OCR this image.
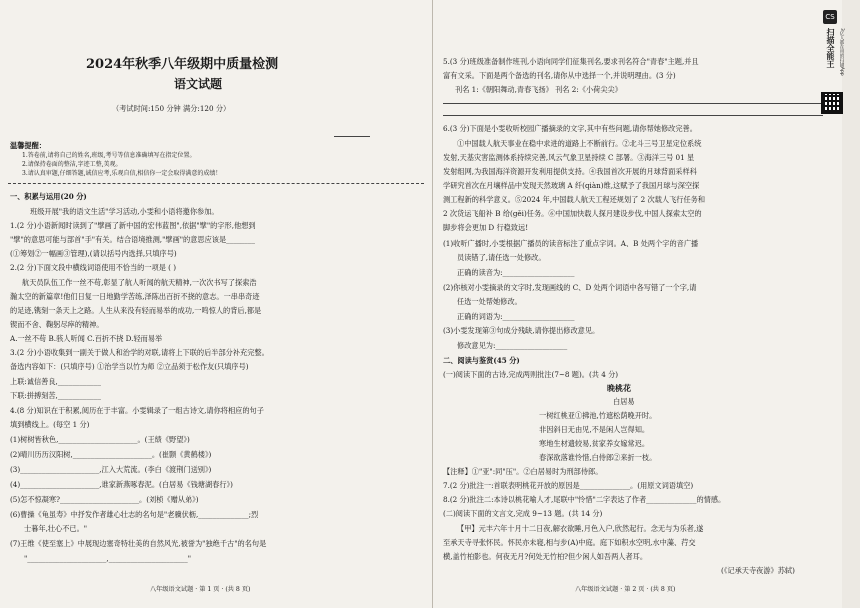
2024年秋季八年级期中质量检测
语文试题
（考试时间:150 分钟 满分:120 分）
温馨提醒：
1.答卷前,请将自己的姓名,班级,考号等信息准确填写在指定位置。
2.请保持卷面的整洁,字迹工整,美观。
3.请认真审题,仔细答题,诚信应考,乐观自信,相信你一定会取得满意的成绩！
一、积累与运用(20 分)
班级开展"我的语文生活"学习活动,小雯和小语将邀你参加。
1.(2 分)小语新闻时读到了"擘画了新中国的宏伟蓝图",依据"擘"的字形,他想到
"擘"的意思可能与部首"手"有关。结合语境推测,"擘画"的意思应该是________
(①筹划②一幅画③管理),(请以括号内选择,只填序号)
2.(2 分)下面文段中横线词语使用不恰当的一项是 ( )
航天员队伍工作一丝不苟,彰显了航人听闻的航天精神,一次次书写了探索浩
瀚太空的新篇章!他们日复一日地勤学苦练,泽陈出百折不挠的意志。一串串奇迹
的足迹,镌刻一条天上之路。人生从来没有轻而易举的成功,一鸣惊人的背后,都是
锲而不舍、鞠躬尽瘁的精神。
A.一丝不苟 B.骇人听闻 C.百折不挠 D.轻而易举
3.(2 分)小语收集到一副关于做人和治学的对联,请将上下联的后半部分补充完整。
备选内容如下：(只填序号) ①治学当以竹为师 ②立品须于松作友(只填序号)
上联:诚信善良,____________
下联:拼搏刻苦,____________
4.(8 分)知识在于积累,阅历在于丰富。小雯辑录了一组古诗文,请你将相应的句子
填到横线上。(每空 1 分)
(1)树树皆秋色,______________________。(王绩《野望》)
(2)晴川历历汉阳树,______________________。(崔颢《黄鹤楼》)
(3)______________________,江入大荒流。(李白《渡荆门送别》)
(4)______________________,谁家新燕啄春泥。(白居易《钱塘湖春行》)
(5)怎不惊凝寒?______________________。(刘桢《赠从弟》)
(6)曹操《龟虽寿》中抒发作者雄心壮志的名句是"老骥伏枥,______________;烈
士暮年,壮心不已。"
(7)王维《使至塞上》中展现边塞奇特壮美的自然风光,被誉为"独绝千古"的名句是
"______________________,______________________"
八年级语文试题 · 第 1 页 · (共 8 页)
5.(3 分)班级准备制作班刊,小语向同学们征集刊名,要求刊名符合"青春"主题,并且
富有文采。下面是两个备选的刊名,请你从中选择一个,并说明理由。(3 分)
刊名 1:《朝阳舞动,青春飞扬》 刊名 2:《小荷尖尖》
6.(3 分)下面是小雯收听校园广播摘录的文字,其中有些问题,请你帮她修改完善。
①中国载人航天事业在稳中求进的道路上不断前行。②北斗三号卫星定位系统
发射,天基灾害监测体系持续完善,风云气象卫星持续 C 部署。③海洋三号 01 星
发射组网,为我国海洋资源开发利用提供支持。④我国首次开展的月球背面采样科
学研究首次在月壤样品中发现天然玻璃 A 纤(qiàn)维,这赋予了我国月球与深空探
测工程新的科学意义。⑤2024 年,中国载人航天工程还规划了 2 次载人飞行任务和
2 次货运飞船补 B 给(gěi)任务。⑥中国加快载人探月建设步伐,中国人探索太空的
脚步将会更加 D 行稳致远!
(1)收听广播时,小雯根据广播员的读音标注了重点字词。A、B 处两个字的音广播
员读错了,请任选一处修改。
正确的读音为:____________________
(2)你核对小雯摘录的文字时,发现画线的 C、D 处两个词语中各写错了一个字,请
任选一处帮她修改。
正确的词语为:____________________
(3)小雯发现第③句成分残缺,请你提出修改意见。
修改意见为:____________________
二、阅读与鉴赏(45 分)
(一)阅读下面的古诗,完成两则批注(7~8 题)。(共 4 分)
晚桃花
白居易
一树红桃亚①拂池,竹遮松荫晚开时。
非因斜日无由见,不是闲人岂得知。
寒地生材遗较易,贫家养女嫁常迟。
春深欲落谁怜惜,白侍郎②来折一枝。
【注释】①"亚":同"压"。②白居易时为刑部侍郎。
7.(2 分)批注一:首联表明桃花开放的原因是______________。(用原文词语填空)
8.(2 分)批注二:本诗以桃花喻人才,尾联中"怜惜"二字表达了作者______________的情感。
(二)阅读下面的文言文,完成 9~13 题。(共 14 分)
【甲】元丰六年十月十二日夜,解衣欲睡,月色入户,欣然起行。念无与为乐者,遂
至承天寺寻张怀民。怀民亦未寝,相与步(A)中庭。庭下如积水空明,水中藻、荇交
横,盖竹柏影也。何夜无月?何处无竹柏?但少闲人如吾两人者耳。
(《记承天寺夜游》苏轼)
八年级语文试题 · 第 2 页 · (共 8 页)
CS
扫描全能王 3亿人都在用的扫描App
